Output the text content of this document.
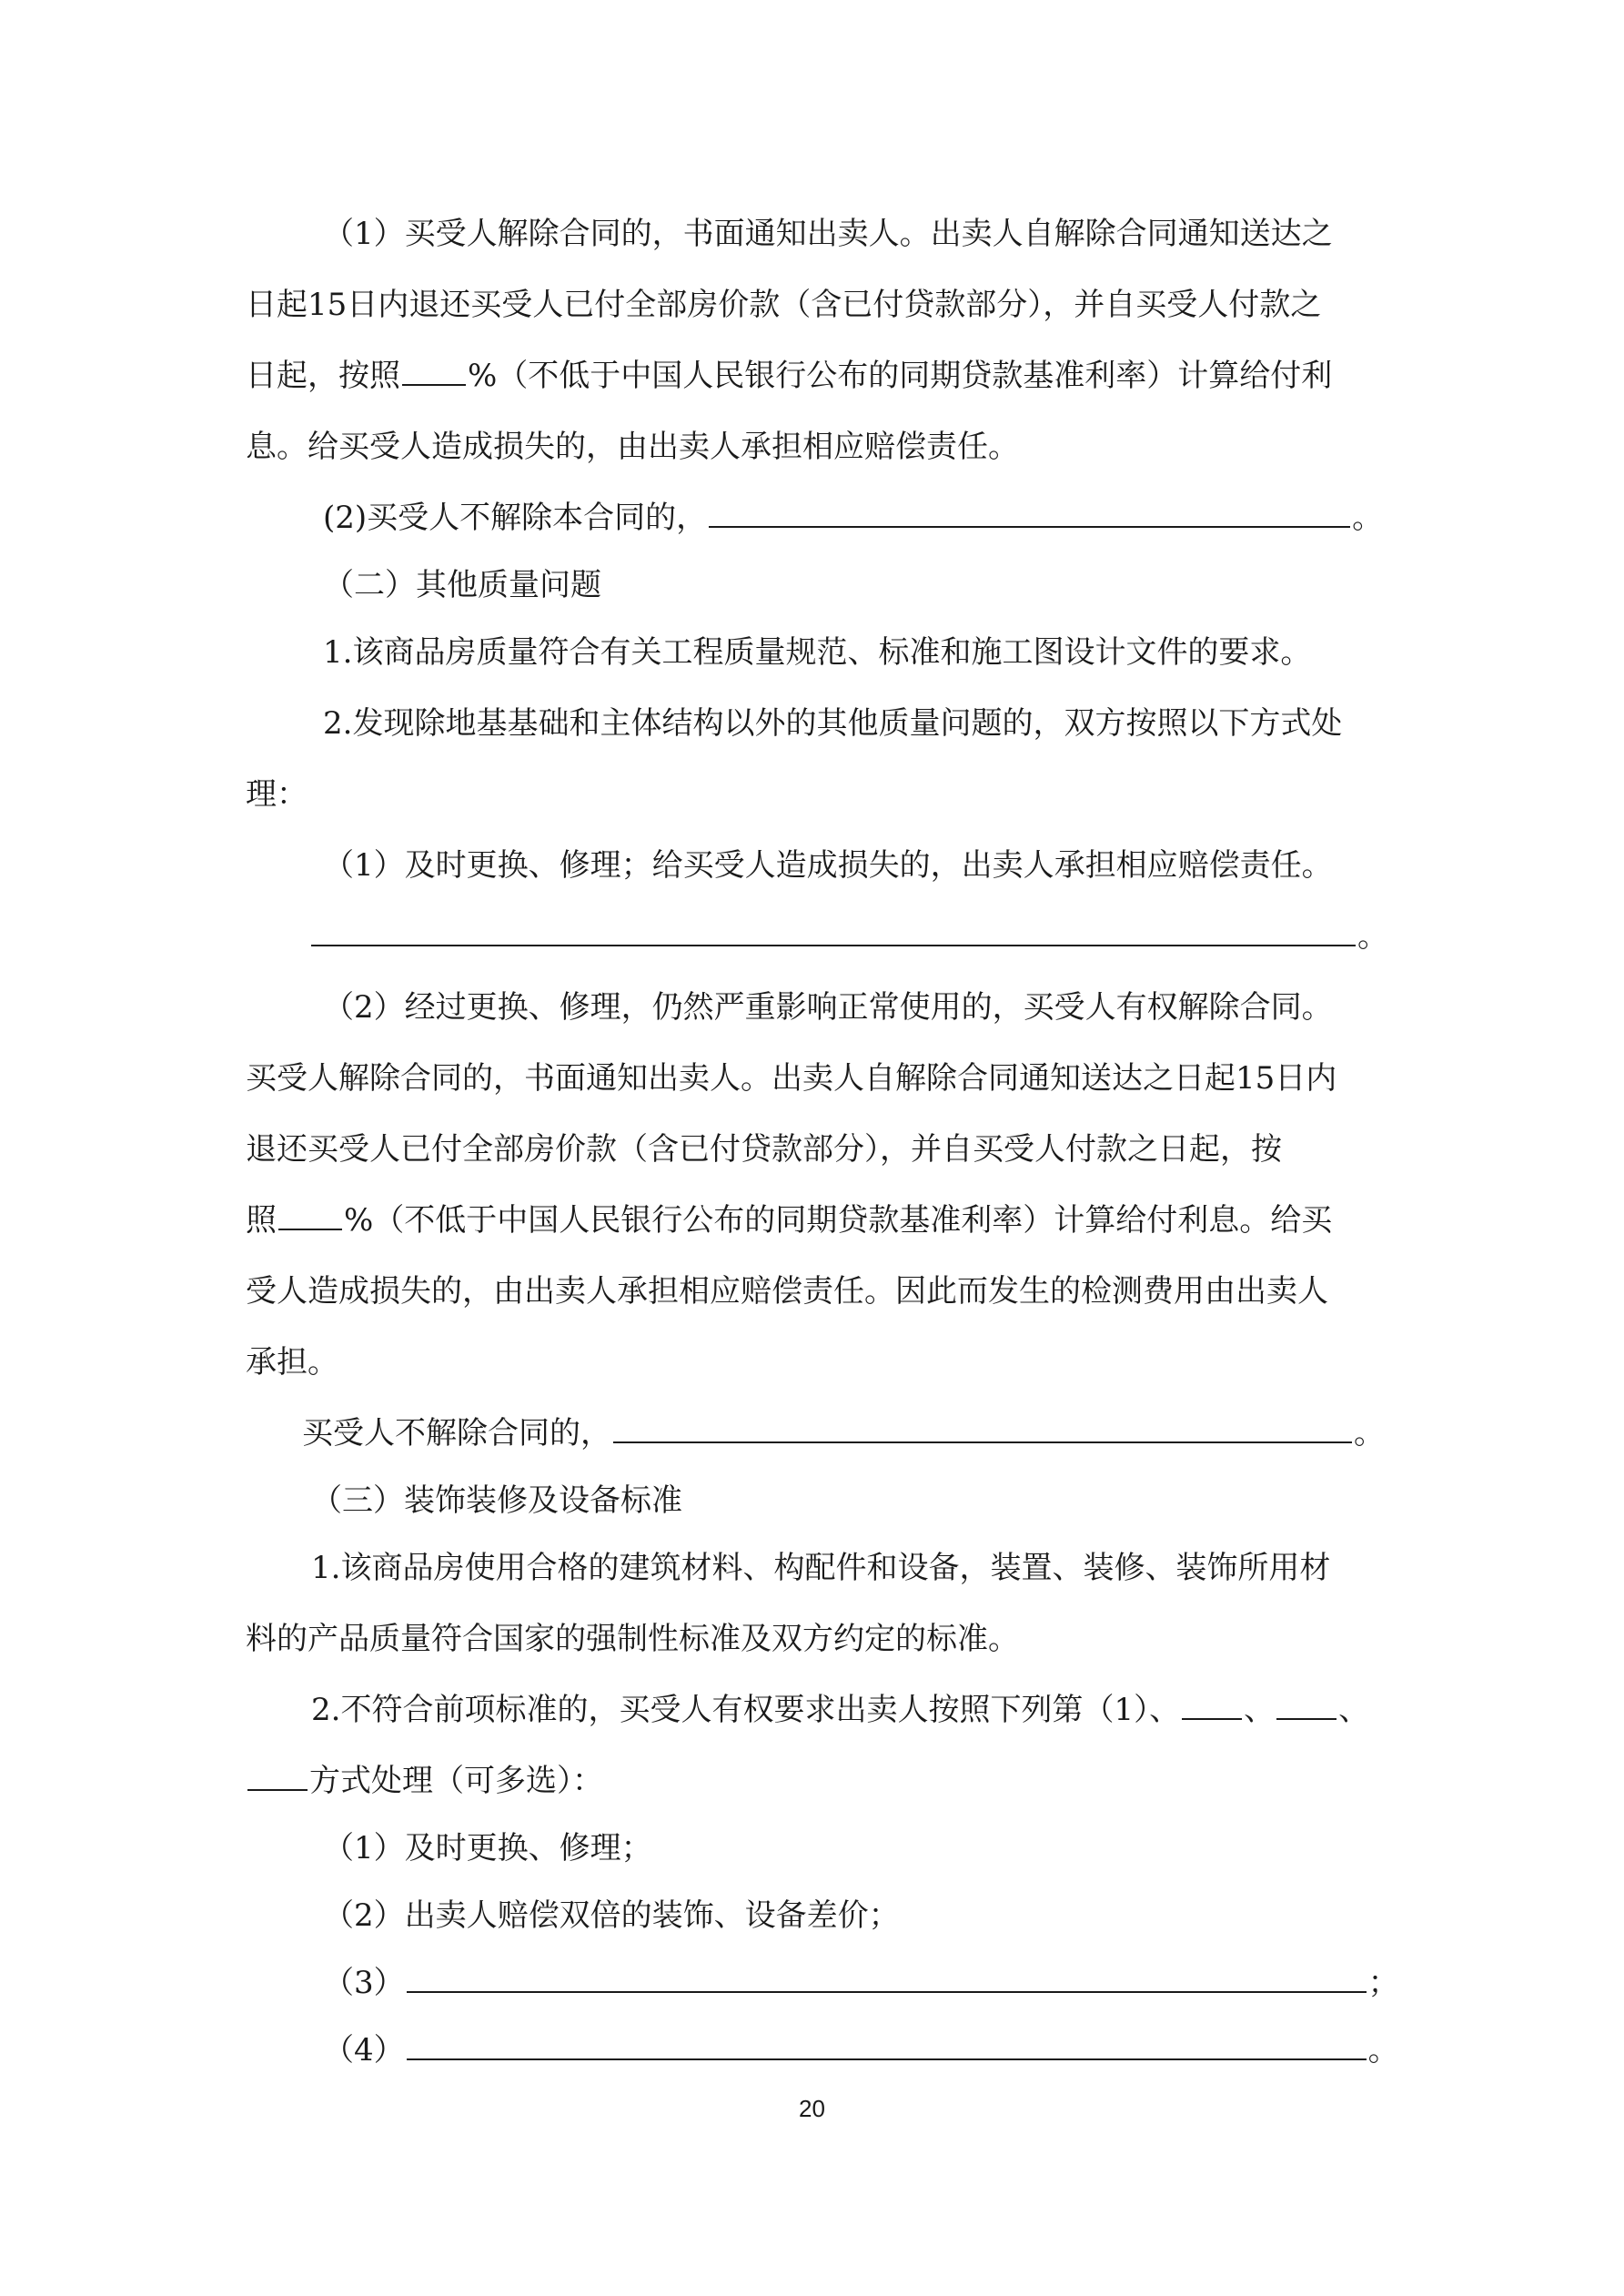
（1）买受人解除合同的，书面通知出卖人。出卖人自解除合同通知送达之
日起15日内退还买受人已付全部房价款（含已付贷款部分），并自买受人付款之
日起，按照 %（不低于中国人民银行公布的同期贷款基准利率）计算给付利
息。给买受人造成损失的，由出卖人承担相应赔偿责任。
(2)买受人不解除本合同的，	。
（二）其他质量问题
1.该商品房质量符合有关工程质量规范、标准和施工图设计文件的要求。
2.发现除地基基础和主体结构以外的其他质量问题的，双方按照以下方式处
理：
（1）及时更换、修理；给买受人造成损失的，出卖人承担相应赔偿责任。
。
（2）经过更换、修理，仍然严重影响正常使用的，买受人有权解除合同。
买受人解除合同的，书面通知出卖人。出卖人自解除合同通知送达之日起15日内
退还买受人已付全部房价款（含已付贷款部分），并自买受人付款之日起，按
照 %（不低于中国人民银行公布的同期贷款基准利率）计算给付利息。给买
受人造成损失的，由出卖人承担相应赔偿责任。因此而发生的检测费用由出卖人
承担。
买受人不解除合同的，	。
（三）装饰装修及设备标准
1.该商品房使用合格的建筑材料、构配件和设备，装置、装修、装饰所用材
料的产品质量符合国家的强制性标准及双方约定的标准。
2.不符合前项标准的，买受人有权要求出卖人按照下列第（1）、 、 、
方式处理（可多选）：
（1）及时更换、修理；
（2）出卖人赔偿双倍的装饰、设备差价；
（3）	；
（4）	。
20
